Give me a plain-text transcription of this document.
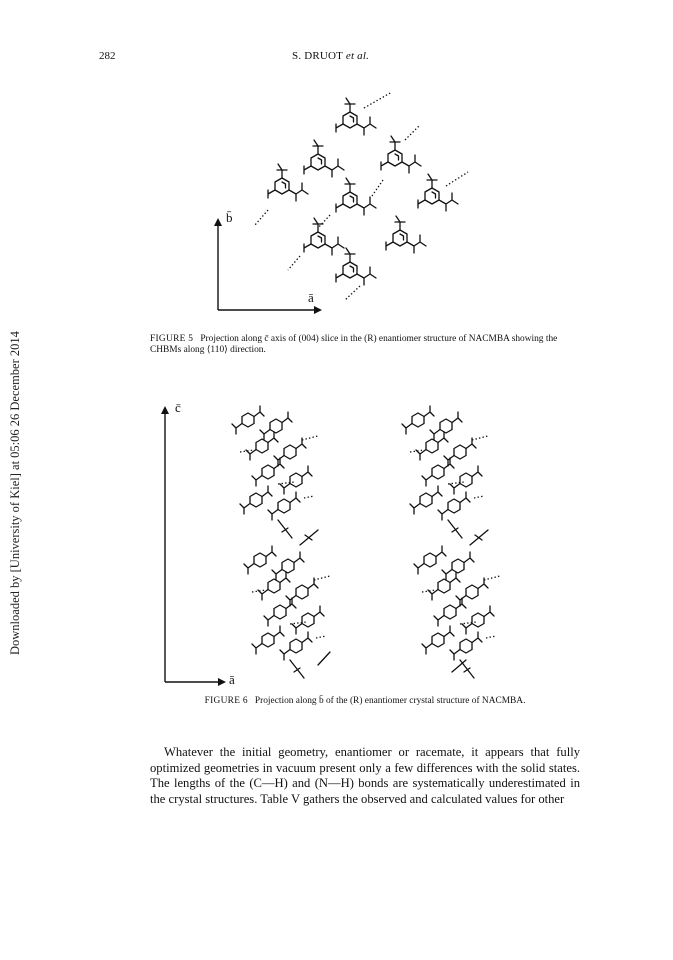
282	S. DRUOT et al.
Downloaded by [University of Kiel] at 05:06 26 December 2014
b̄
ā
FIGURE 5 Projection along c̄ axis of (004) slice in the (R) enantiomer structure of NACMBA showing the CHBMs along ⟨110⟩ direction.
c̄
ā
FIGURE 6 Projection along b̄ of the (R) enantiomer crystal structure of NACMBA.

Whatever the initial geometry, enantiomer or racemate, it appears that fully optimized geometries in vacuum present only a few differences with the solid states. The lengths of the (C—H) and (N—H) bonds are systematically underestimated in the crystal structures. Table V gathers the observed and calculated values for other
